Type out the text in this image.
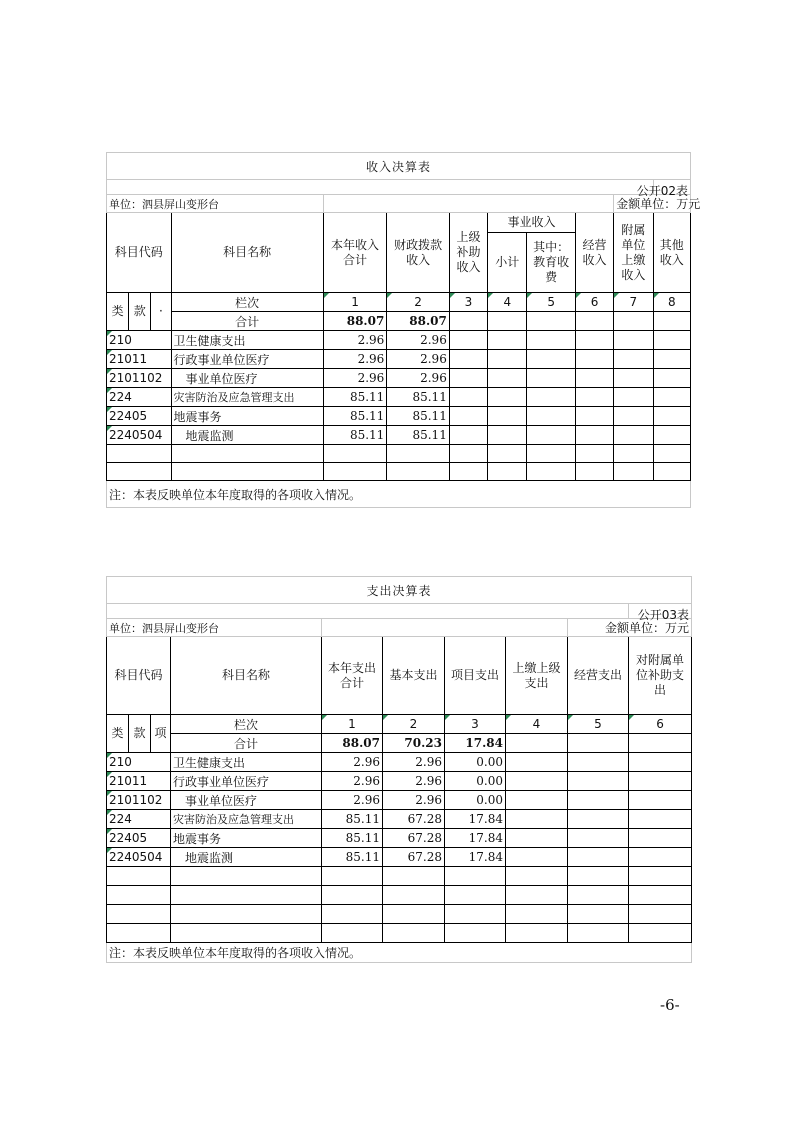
收入决算表											

											公开02表

单位：泗县屏山变形台										金额单位：万元	
科目代码			科目名称	本年收入合计	财政拨款收入	上级补助收入	事业收入		经营收入	附属单位上缴收入	其他收入
							小计	其中：教育收费			

类	款	·	栏次	1	2	3	4	5	6	7	8
			合计	88.07	88.07						
210			卫生健康支出	2.96	2.96						
21011			行政事业单位医疗	2.96	2.96						
2101102			　事业单位医疗	2.96	2.96						
224			灾害防治及应急管理支出	85.11	85.11						
22405			地震事务	85.11	85.11						
2240504			　地震监测	85.11	85.11						

注：本表反映单位本年度取得的各项收入情况。											
支出决算表									

									公开03表

单位：泗县屏山变形台								金额单位：万元	
科目代码			科目名称	本年支出合计	基本支出	项目支出	上缴上级支出	经营支出	对附属单位补助支出
类	款	项	栏次	1	2	3	4	5	6
			合计	88.07	70.23	17.84			
210			卫生健康支出	2.96	2.96	0.00			
21011			行政事业单位医疗	2.96	2.96	0.00			
2101102			　事业单位医疗	2.96	2.96	0.00			
224			灾害防治及应急管理支出	85.11	67.28	17.84			
22405			地震事务	85.11	67.28	17.84			
2240504			　地震监测	85.11	67.28	17.84			

注：本表反映单位本年度取得的各项收入情况。									
-6-
